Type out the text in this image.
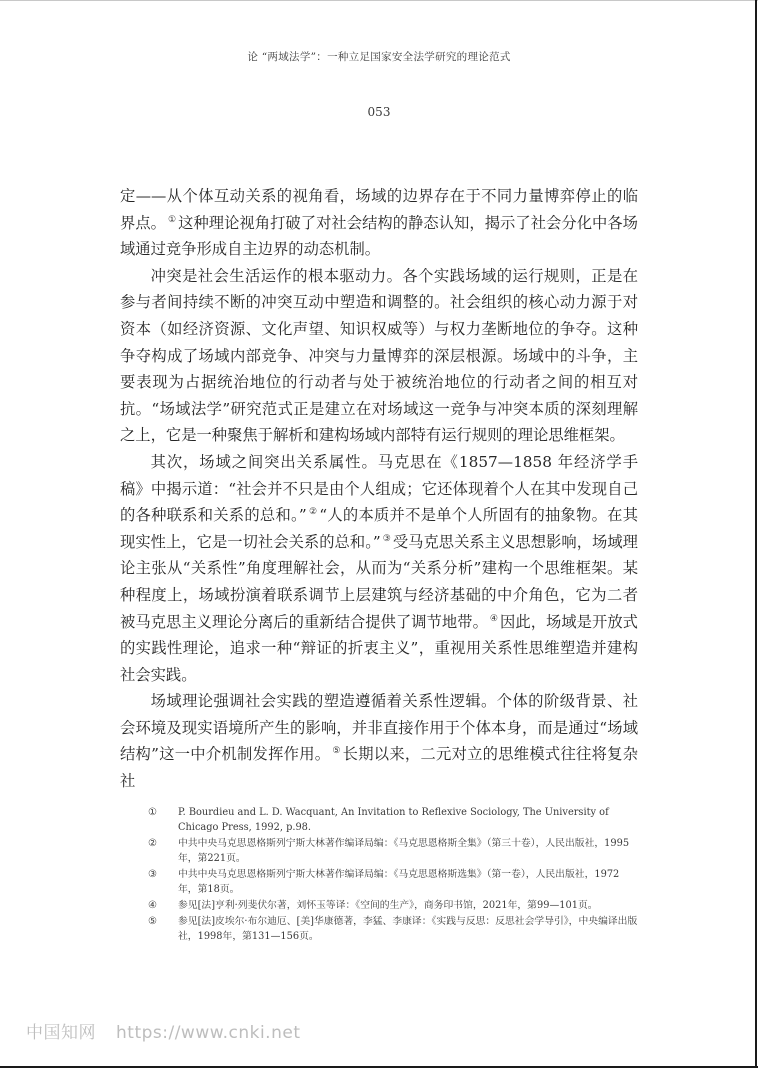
论 “两域法学”：一种立足国家安全法学研究的理论范式
053

定——从个体互动关系的视角看，场域的边界存在于不同力量博弈停止的临界点。 ① 这种理论视角打破了对社会结构的静态认知，揭示了社会分化中各场域通过竞争形成自主边界的动态机制。

冲突是社会生活运作的根本驱动力。各个实践场域的运行规则，正是在参与者间持续不断的冲突互动中塑造和调整的。社会组织的核心动力源于对资本（如经济资源、文化声望、知识权威等）与权力垄断地位的争夺。这种争夺构成了场域内部竞争、冲突与力量博弈的深层根源。场域中的斗争，主要表现为占据统治地位的行动者与处于被统治地位的行动者之间的相互对抗。“场域法学”研究范式正是建立在对场域这一竞争与冲突本质的深刻理解之上，它是一种聚焦于解析和建构场域内部特有运行规则的理论思维框架。

其次，场域之间突出关系属性。马克思在《1857—1858 年经济学手稿》中揭示道：“社会并不只是由个人组成；它还体现着个人在其中发现自己的各种联系和关系的总和。” ② “人的本质并不是单个人所固有的抽象物。在其现实性上，它是一切社会关系的总和。” ③ 受马克思关系主义思想影响，场域理论主张从“关系性”角度理解社会，从而为“关系分析”建构一个思维框架。某种程度上，场域扮演着联系调节上层建筑与经济基础的中介角色，它为二者被马克思主义理论分离后的重新结合提供了调节地带。 ④ 因此，场域是开放式的实践性理论，追求一种“辩证的折衷主义”，重视用关系性思维塑造并建构社会实践。

场域理论强调社会实践的塑造遵循着关系性逻辑。个体的阶级背景、社会环境及现实语境所产生的影响，并非直接作用于个体本身，而是通过“场域结构”这一中介机制发挥作用。 ⑤ 长期以来，二元对立的思维模式往往将复杂社

①	P. Bourdieu and L. D. Wacquant, An Invitation to Reflexive Sociology, The University of Chicago Press, 1992, p.98.
②	中共中央马克思恩格斯列宁斯大林著作编译局编：《马克思恩格斯全集》（第三十卷），人民出版社，1995年，第221页。
③	中共中央马克思恩格斯列宁斯大林著作编译局编：《马克思恩格斯选集》（第一卷），人民出版社，1972年，第18页。
④	参见[法]亨利·列斐伏尔著，刘怀玉等译：《空间的生产》，商务印书馆，2021年，第99—101页。
⑤	参见[法]皮埃尔·布尔迪厄、[美]华康德著，李猛、李康译：《实践与反思：反思社会学导引》，中央编译出版社，1998年，第131—156页。
中国知网 https://www.cnki.net
